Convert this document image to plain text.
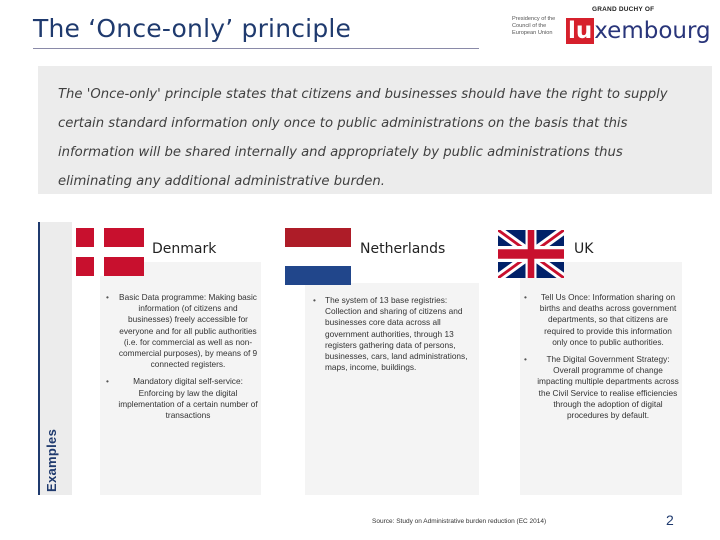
The ‘Once-only’ principle	Presidency of the Council of the European Union
GRAND DUCHY OF
lu xembourg

The 'Once-only' principle states that citizens and businesses should have the right to supply certain standard information only once to public administrations on the basis that this information will be shared internally and appropriately by public administrations thus eliminating any additional administrative burden.

Examples
• Basic Data programme: Making basic information (of citizens and businesses) freely accessible for everyone and for all public authorities (i.e. for commercial as well as non-commercial purposes), by means of 9 connected registers.
• Mandatory digital self-service: Enforcing by law the digital implementation of a certain number of transactions
• The system of 13 base registries: Collection and sharing of citizens and businesses core data across all government authorities, through 13 registers gathering data of persons, businesses, cars, land administrations, maps, income, buildings.
• Tell Us Once: Information sharing on births and deaths across government departments, so that citizens are required to provide this information only once to public authorities.
• The Digital Government Strategy: Overall programme of change impacting multiple departments across the Civil Service to realise efficiencies through the adoption of digital procedures by default.
Denmark	Netherlands	UK
Source: Study on Administrative burden reduction (EC 2014)	2
